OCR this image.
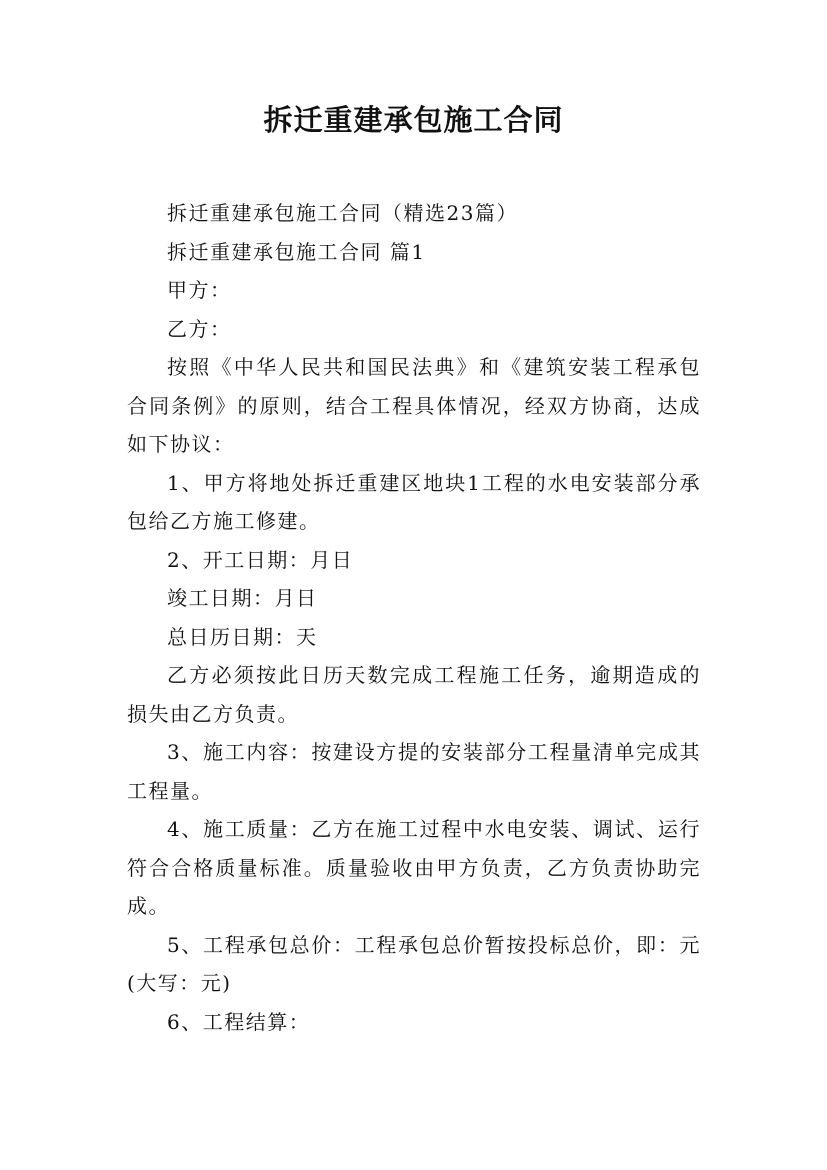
拆迁重建承包施工合同

拆迁重建承包施工合同（精选23篇）

拆迁重建承包施工合同 篇1

甲方：

乙方：

按照《中华人民共和国民法典》和《建筑安装工程承包合同条例》的原则，结合工程具体情况，经双方协商，达成如下协议：

1、甲方将地处拆迁重建区地块1工程的水电安装部分承包给乙方施工修建。

2、开工日期：月日

竣工日期：月日

总日历日期：天

乙方必须按此日历天数完成工程施工任务，逾期造成的损失由乙方负责。

3、施工内容：按建设方提的安装部分工程量清单完成其工程量。

4、施工质量：乙方在施工过程中水电安装、调试、运行符合合格质量标准。质量验收由甲方负责，乙方负责协助完成。

5、工程承包总价：工程承包总价暂按投标总价，即：元(大写：元)

6、工程结算：
